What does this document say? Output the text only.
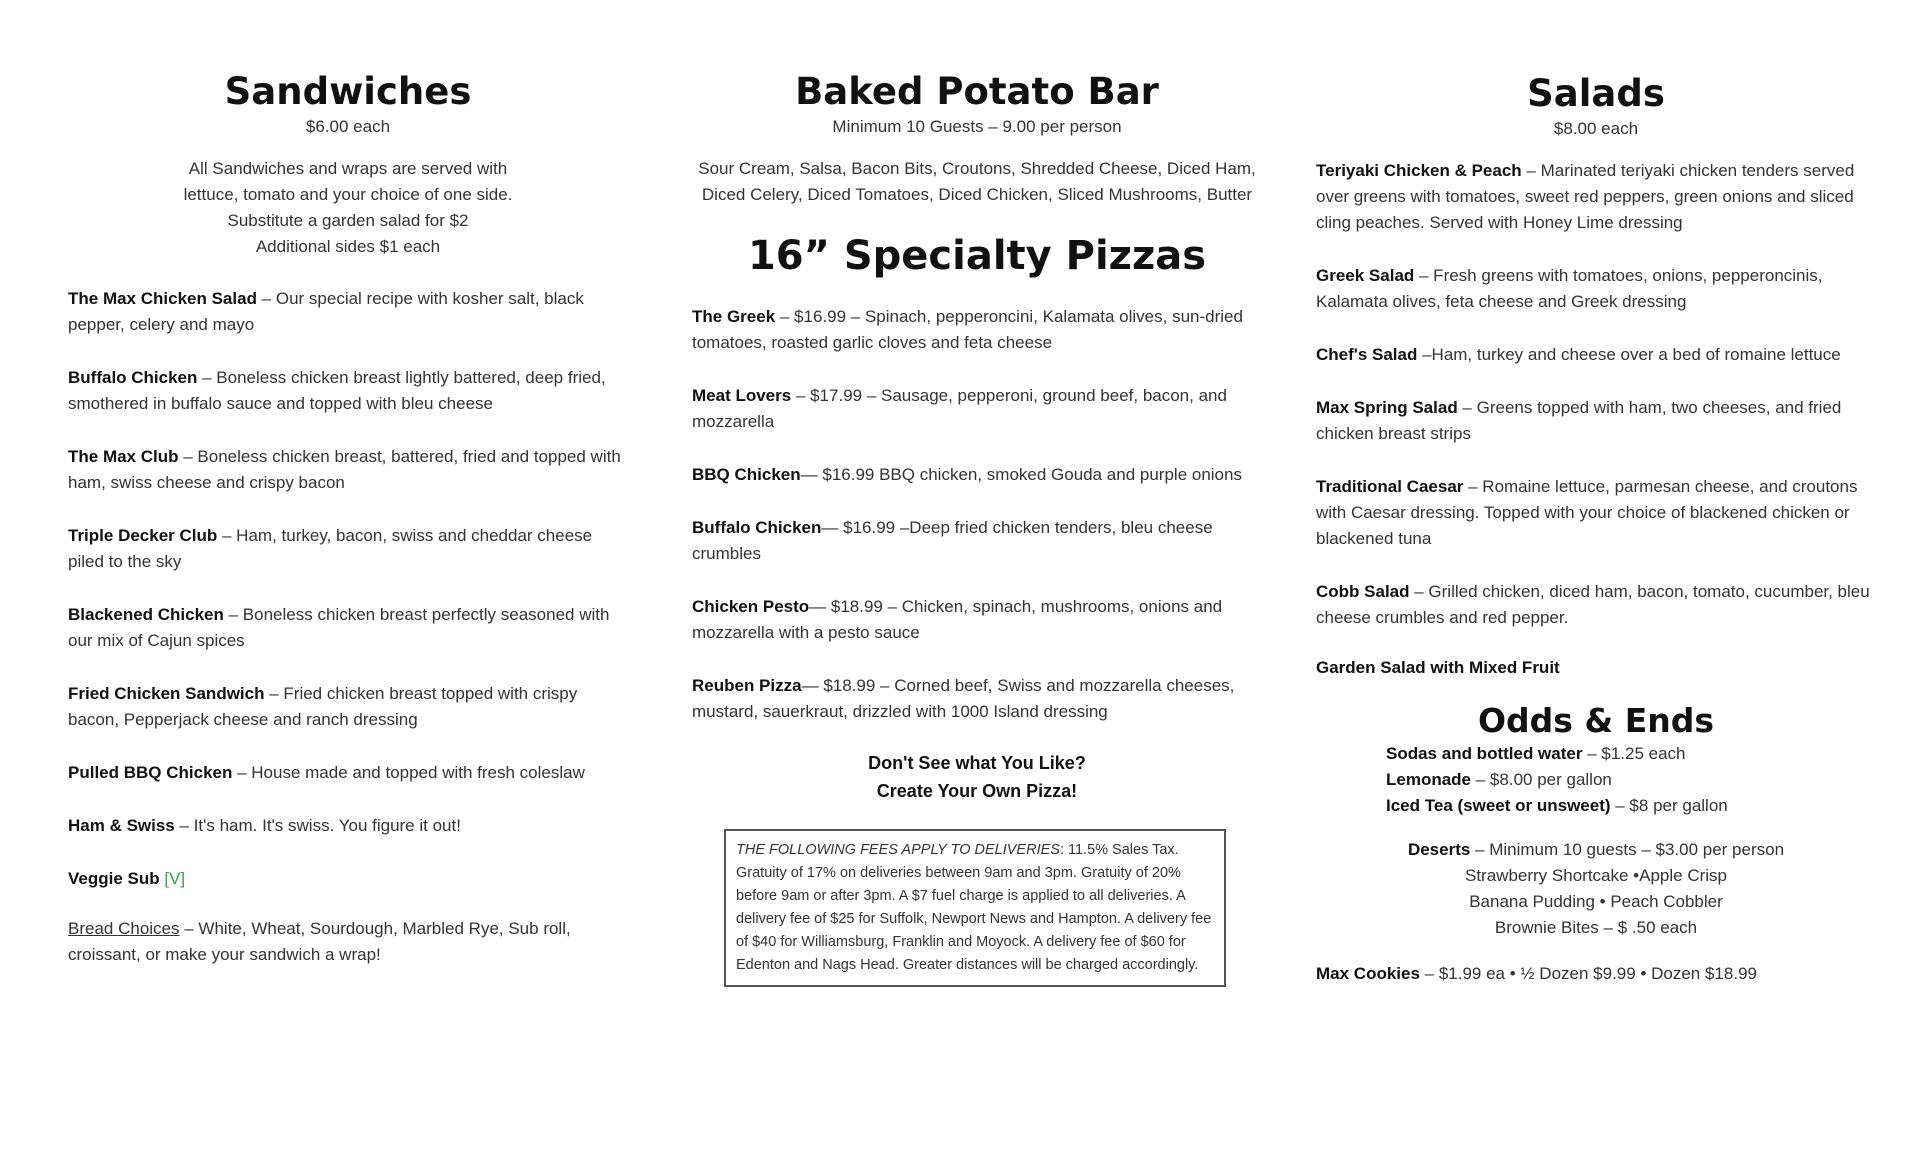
Sandwiches

$6.00 each

All Sandwiches and wraps are served with
lettuce, tomato and your choice of one side.
Substitute a garden salad for $2
Additional sides $1 each

The Max Chicken Salad – Our special recipe with kosher salt, black pepper, celery and mayo

Buffalo Chicken – Boneless chicken breast lightly battered, deep fried, smothered in buffalo sauce and topped with bleu cheese

The Max Club – Boneless chicken breast, battered, fried and topped with ham, swiss cheese and crispy bacon

Triple Decker Club – Ham, turkey, bacon, swiss and cheddar cheese piled to the sky

Blackened Chicken – Boneless chicken breast perfectly seasoned with our mix of Cajun spices

Fried Chicken Sandwich – Fried chicken breast topped with crispy bacon, Pepperjack cheese and ranch dressing

Pulled BBQ Chicken – House made and topped with fresh coleslaw

Ham & Swiss – It's ham. It's swiss. You figure it out!

Veggie Sub [V]

Bread Choices – White, Wheat, Sourdough, Marbled Rye, Sub roll, croissant, or make your sandwich a wrap!

Baked Potato Bar

Minimum 10 Guests – 9.00 per person

Sour Cream, Salsa, Bacon Bits, Croutons, Shredded Cheese, Diced Ham, Diced Celery, Diced Tomatoes, Diced Chicken, Sliced Mushrooms, Butter

16” Specialty Pizzas

The Greek – $16.99 – Spinach, pepperoncini, Kalamata olives, sun-dried tomatoes, roasted garlic cloves and feta cheese

Meat Lovers – $17.99 – Sausage, pepperoni, ground beef, bacon, and mozzarella

BBQ Chicken— $16.99 BBQ chicken, smoked Gouda and purple onions

Buffalo Chicken— $16.99 –Deep fried chicken tenders, bleu cheese crumbles

Chicken Pesto— $18.99 – Chicken, spinach, mushrooms, onions and mozzarella with a pesto sauce

Reuben Pizza— $18.99 – Corned beef, Swiss and mozzarella cheeses, mustard, sauerkraut, drizzled with 1000 Island dressing

Don't See what You Like?
Create Your Own Pizza!
THE FOLLOWING FEES APPLY TO DELIVERIES: 11.5% Sales Tax. Gratuity of 17% on deliveries between 9am and 3pm. Gratuity of 20% before 9am or after 3pm. A $7 fuel charge is applied to all deliveries. A delivery fee of $25 for Suffolk, Newport News and Hampton. A delivery fee of $40 for Williamsburg, Franklin and Moyock. A delivery fee of $60 for Edenton and Nags Head. Greater distances will be charged accordingly.
Salads

$8.00 each

Teriyaki Chicken & Peach – Marinated teriyaki chicken tenders served over greens with tomatoes, sweet red peppers, green onions and sliced cling peaches. Served with Honey Lime dressing

Greek Salad – Fresh greens with tomatoes, onions, pepperoncinis, Kalamata olives, feta cheese and Greek dressing

Chef's Salad –Ham, turkey and cheese over a bed of romaine lettuce

Max Spring Salad – Greens topped with ham, two cheeses, and fried chicken breast strips

Traditional Caesar – Romaine lettuce, parmesan cheese, and croutons with Caesar dressing. Topped with your choice of blackened chicken or blackened tuna

Cobb Salad – Grilled chicken, diced ham, bacon, tomato, cucumber, bleu cheese crumbles and red pepper.

Garden Salad with Mixed Fruit

Odds & Ends
Sodas and bottled water – $1.25 each
Lemonade – $8.00 per gallon
Iced Tea (sweet or unsweet) – $8 per gallon
Deserts – Minimum 10 guests – $3.00 per person
Strawberry Shortcake •Apple Crisp
Banana Pudding • Peach Cobbler
Brownie Bites – $ .50 each
Max Cookies – $1.99 ea • ½ Dozen $9.99 • Dozen $18.99
